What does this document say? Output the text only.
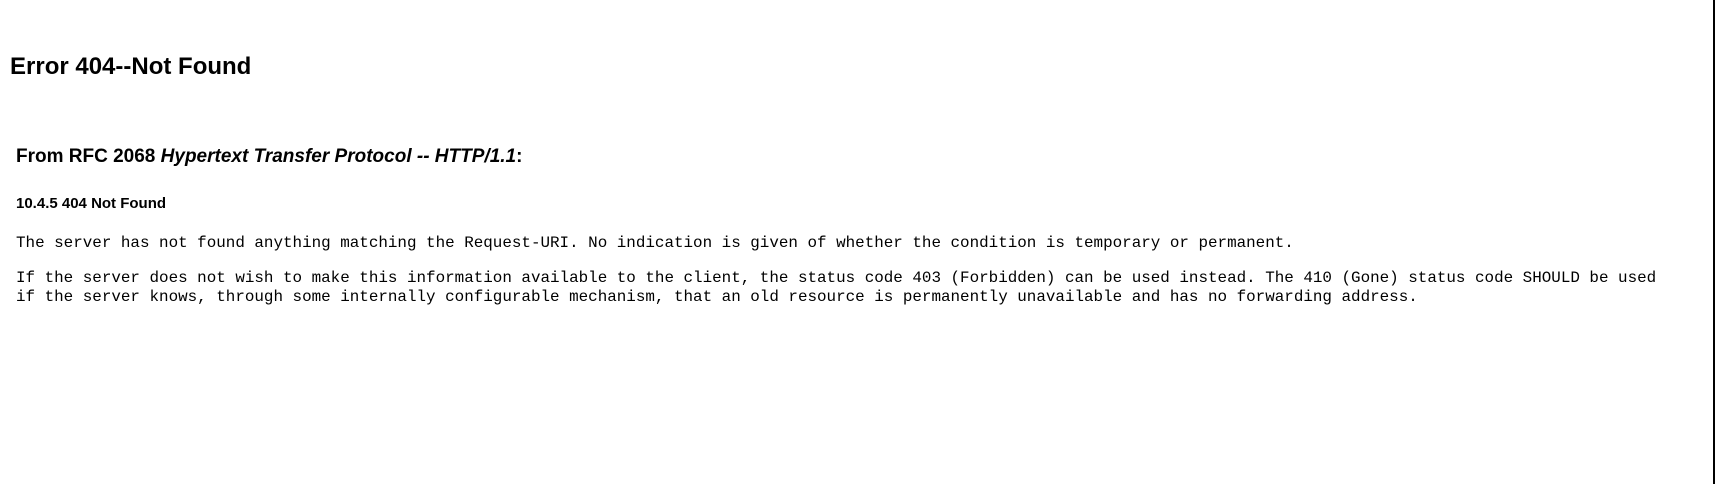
Error 404--Not Found
From RFC 2068 Hypertext Transfer Protocol -- HTTP/1.1:
10.4.5 404 Not Found
The server has not found anything matching the Request-URI. No indication is given of whether the condition is temporary or permanent.
If the server does not wish to make this information available to the client, the status code 403 (Forbidden) can be used instead. The 410 (Gone) status code SHOULD be used
if the server knows, through some internally configurable mechanism, that an old resource is permanently unavailable and has no forwarding address.
